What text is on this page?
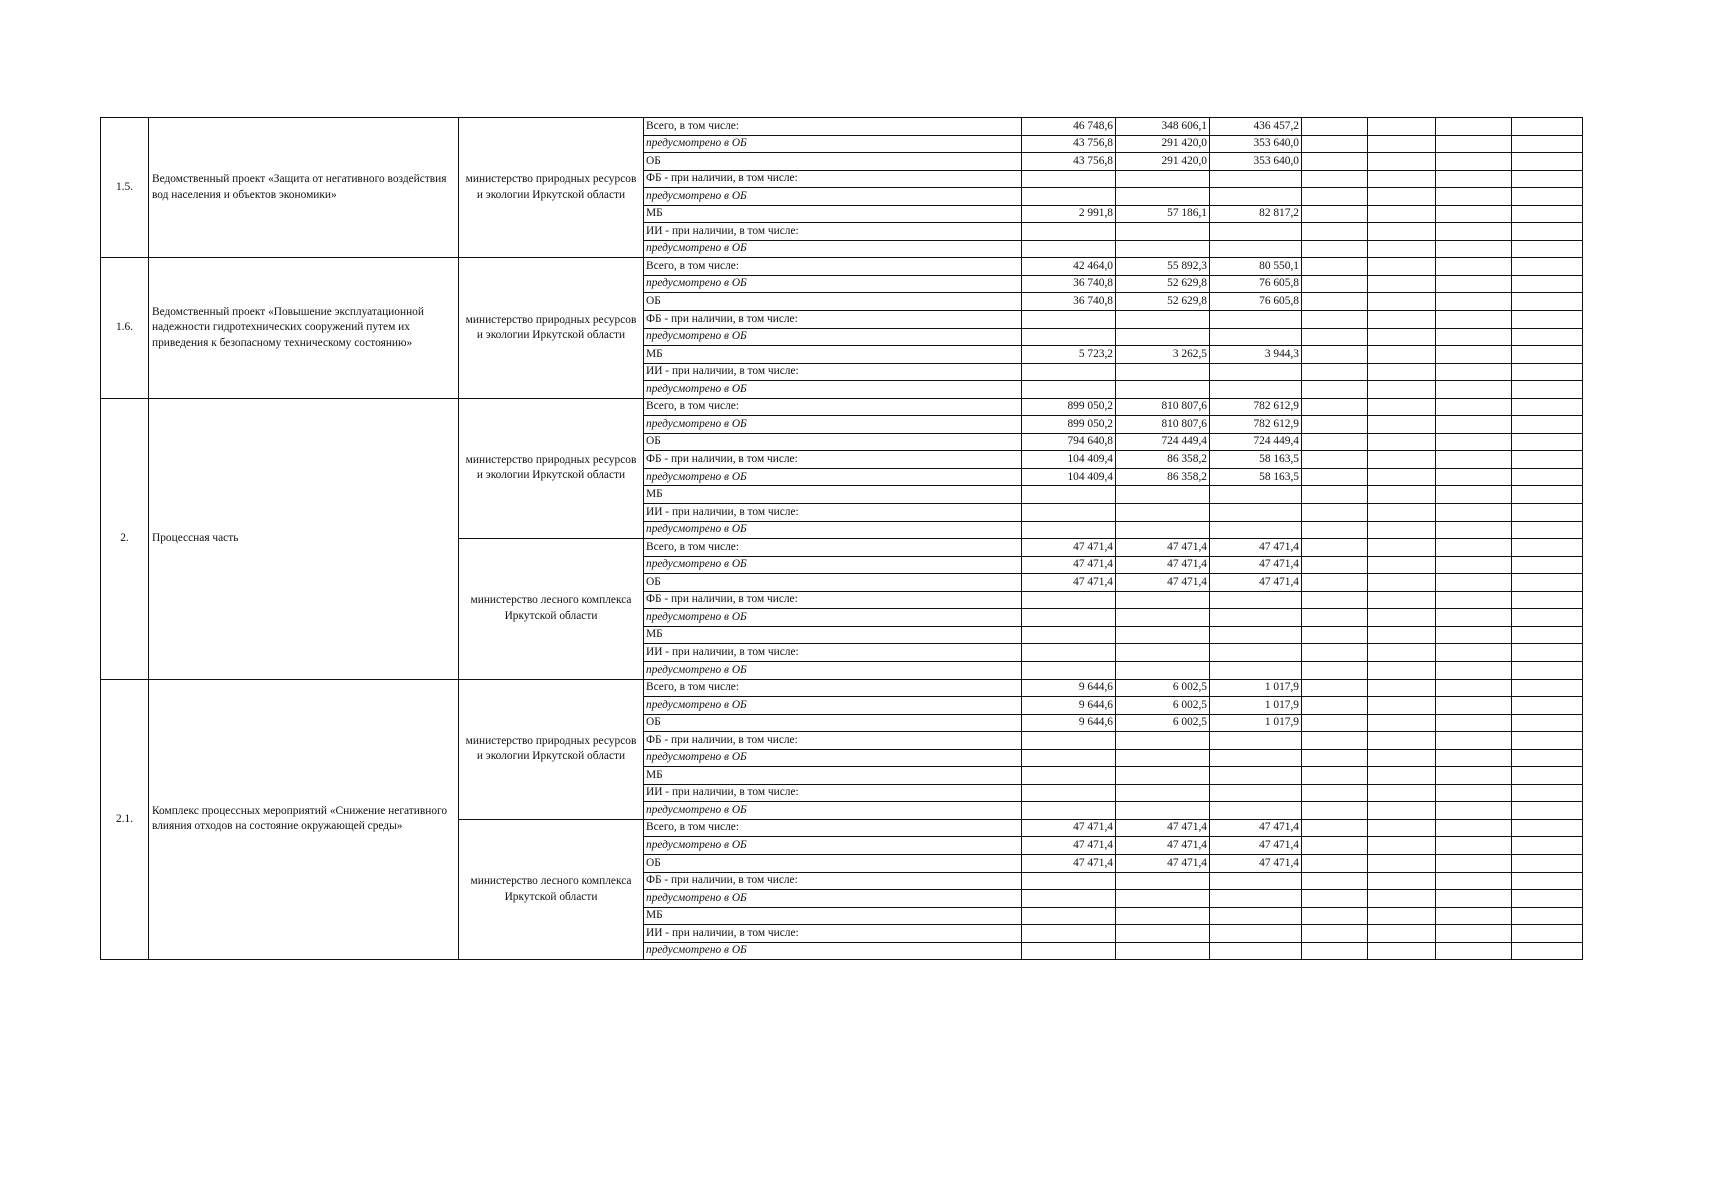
1.5.	Ведомственный проект «Защита от негативного воздействия вод населения и объектов экономики»	министерство природных ресурсов и экологии Иркутской области	Всего, в том числе:	46 748,6	348 606,1	436 457,2				
			предусмотрено в ОБ	43 756,8	291 420,0	353 640,0				
			ОБ	43 756,8	291 420,0	353 640,0				
			ФБ - при наличии, в том числе:							
			предусмотрено в ОБ							
			МБ	2 991,8	57 186,1	82 817,2				
			ИИ - при наличии, в том числе:							
			предусмотрено в ОБ							
1.6.	Ведомственный проект «Повышение эксплуатационной надежности гидротехнических сооружений путем их приведения к безопасному техническому состоянию»	министерство природных ресурсов и экологии Иркутской области	Всего, в том числе:	42 464,0	55 892,3	80 550,1				
			предусмотрено в ОБ	36 740,8	52 629,8	76 605,8				
			ОБ	36 740,8	52 629,8	76 605,8				
			ФБ - при наличии, в том числе:							
			предусмотрено в ОБ							
			МБ	5 723,2	3 262,5	3 944,3				
			ИИ - при наличии, в том числе:							
			предусмотрено в ОБ							
2.	Процессная часть	министерство природных ресурсов и экологии Иркутской области	Всего, в том числе:	899 050,2	810 807,6	782 612,9				
			предусмотрено в ОБ	899 050,2	810 807,6	782 612,9				
			ОБ	794 640,8	724 449,4	724 449,4				
			ФБ - при наличии, в том числе:	104 409,4	86 358,2	58 163,5				
			предусмотрено в ОБ	104 409,4	86 358,2	58 163,5				
			МБ							
			ИИ - при наличии, в том числе:							
			предусмотрено в ОБ							
		министерство лесного комплекса Иркутской области	Всего, в том числе:	47 471,4	47 471,4	47 471,4				
			предусмотрено в ОБ	47 471,4	47 471,4	47 471,4				
			ОБ	47 471,4	47 471,4	47 471,4				
			ФБ - при наличии, в том числе:							
			предусмотрено в ОБ							
			МБ							
			ИИ - при наличии, в том числе:							
			предусмотрено в ОБ							
2.1.	Комплекс процессных мероприятий «Снижение негативного влияния отходов на состояние окружающей среды»	министерство природных ресурсов и экологии Иркутской области	Всего, в том числе:	9 644,6	6 002,5	1 017,9				
			предусмотрено в ОБ	9 644,6	6 002,5	1 017,9				
			ОБ	9 644,6	6 002,5	1 017,9				
			ФБ - при наличии, в том числе:							
			предусмотрено в ОБ							
			МБ							
			ИИ - при наличии, в том числе:							
			предусмотрено в ОБ							
		министерство лесного комплекса Иркутской области	Всего, в том числе:	47 471,4	47 471,4	47 471,4				
			предусмотрено в ОБ	47 471,4	47 471,4	47 471,4				
			ОБ	47 471,4	47 471,4	47 471,4				
			ФБ - при наличии, в том числе:							
			предусмотрено в ОБ							
			МБ							
			ИИ - при наличии, в том числе:							
			предусмотрено в ОБ							
